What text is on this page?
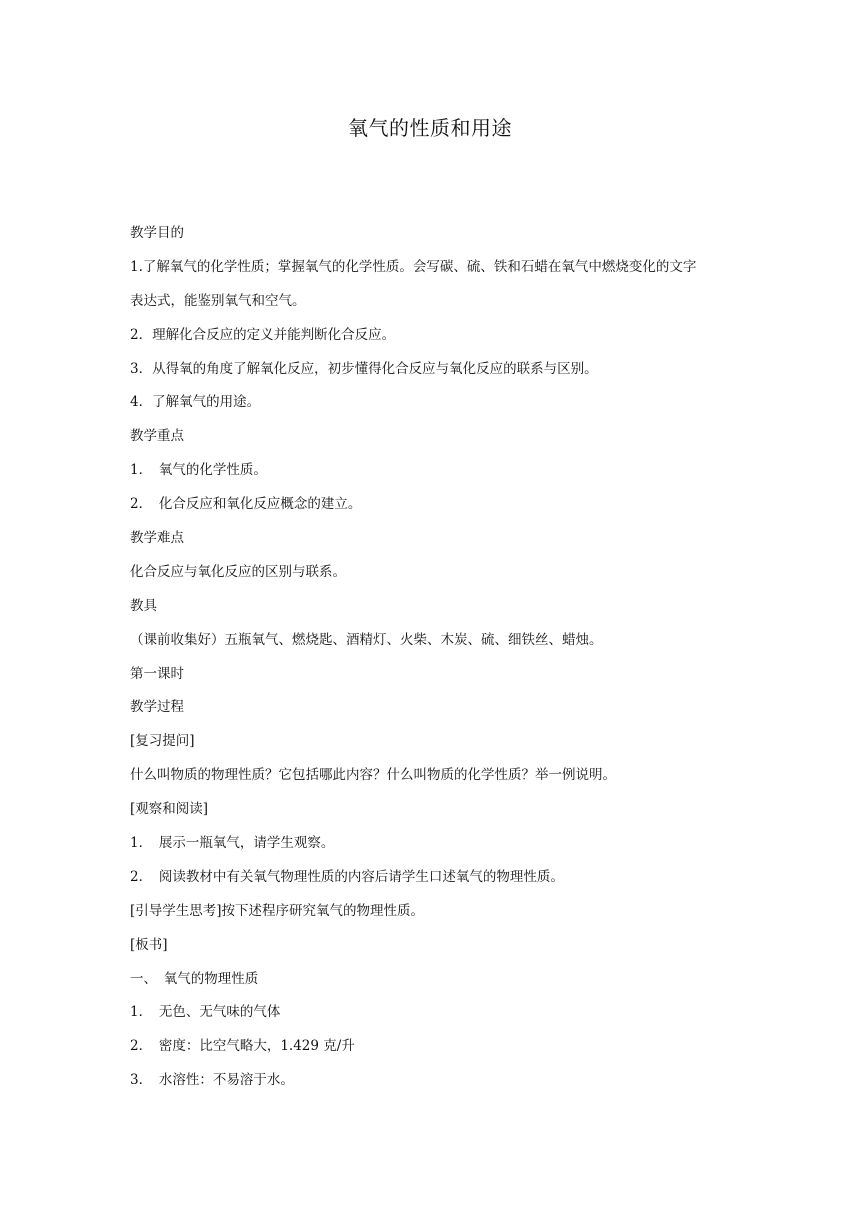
氧气的性质和用途
教学目的
1.了解氧气的化学性质；掌握氧气的化学性质。会写碳、硫、铁和石蜡在氧气中燃烧变化的文字
表达式，能鉴别氧气和空气。
2．理解化合反应的定义并能判断化合反应。
3．从得氧的角度了解氧化反应，初步懂得化合反应与氧化反应的联系与区别。
4．了解氧气的用途。
教学重点
1．　氧气的化学性质。
2．　化合反应和氧化反应概念的建立。
教学难点
化合反应与氧化反应的区别与联系。
教具
（课前收集好）五瓶氧气、燃烧匙、酒精灯、火柴、木炭、硫、细铁丝、蜡烛。
第一课时
教学过程
[复习提问]
什么叫物质的物理性质？它包括哪此内容？什么叫物质的化学性质？举一例说明。
[观察和阅读]
1．　展示一瓶氧气，请学生观察。
2．　阅读教材中有关氧气物理性质的内容后请学生口述氧气的物理性质。
[引导学生思考]按下述程序研究氧气的物理性质。
[板书]
一、　氧气的物理性质
1．　无色、无气味的气体
2．　密度：比空气略大，1.429 克/升
3．　水溶性：不易溶于水。
